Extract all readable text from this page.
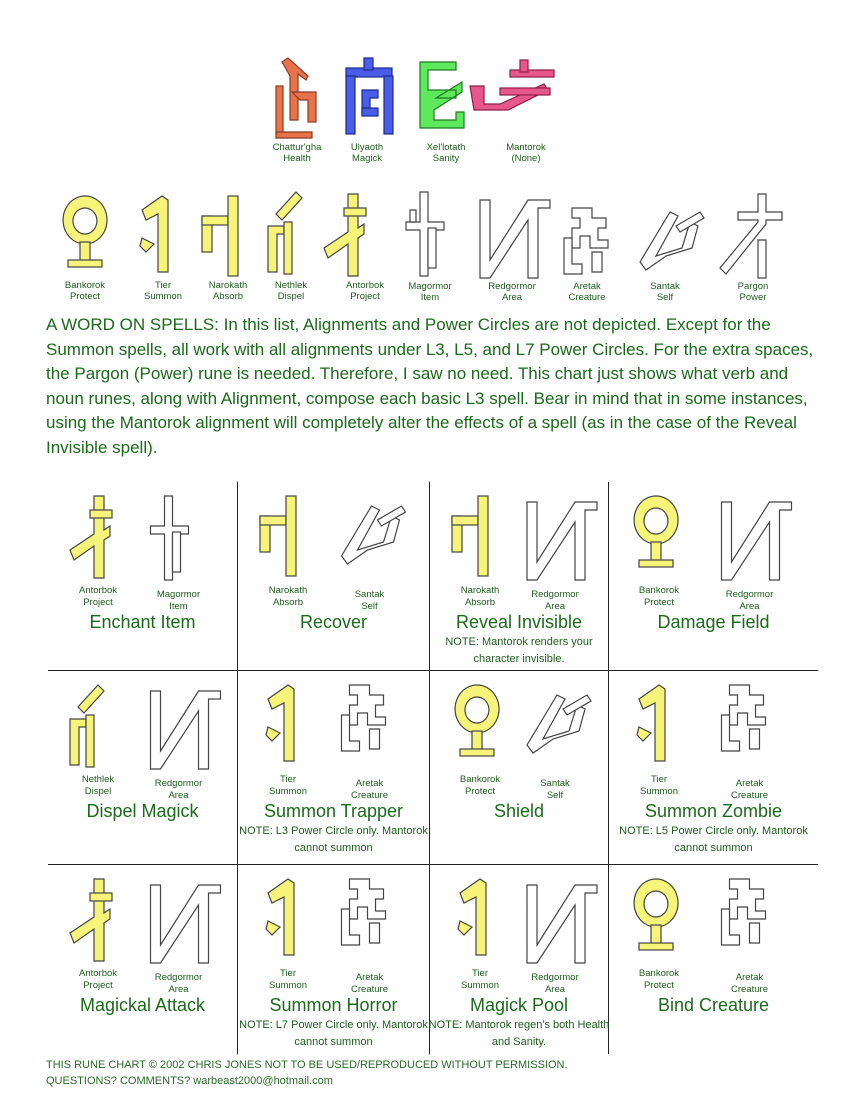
Chattur'gha
Health
Ulyaoth
Magick
Xel'lotath
Sanity
Mantorok
(None)
Bankorok
Protect
Tier
Summon
Narokath
Absorb
Nethlek
Dispel
Antorbok
Project
Magormor
Item
Redgormor
Area
Aretak
Creature
Santak
Self
Pargon
Power
A WORD ON SPELLS: In this list, Alignments and Power Circles are not depicted. Except for the Summon spells, all work with all alignments under L3, L5, and L7 Power Circles. For the extra spaces, the Pargon (Power) rune is needed. Therefore, I saw no need. This chart just shows what verb and noun runes, along with Alignment, compose each basic L3 spell. Bear in mind that in some instances, using the Mantorok alignment will completely alter the effects of a spell (as in the case of the Reveal Invisible spell).
Antorbok
Project
Magormor
Item
Enchant Item
Narokath
Absorb
Santak
Self
Recover
Narokath
Absorb
Redgormor
Area
Reveal Invisible
NOTE: Mantorok renders your character invisible.
Bankorok
Protect
Redgormor
Area
Damage Field
Nethlek
Dispel
Redgormor
Area
Dispel Magick
Tier
Summon
Aretak
Creature
Summon Trapper
NOTE: L3 Power Circle only. Mantorok cannot summon
Bankorok
Protect
Santak
Self
Shield
Tier
Summon
Aretak
Creature
Summon Zombie
NOTE: L5 Power Circle only. Mantorok cannot summon
Antorbok
Project
Redgormor
Area
Magickal Attack
Tier
Summon
Aretak
Creature
Summon Horror
NOTE: L7 Power Circle only. Mantorok cannot summon
Tier
Summon
Redgormor
Area
Magick Pool
NOTE: Mantorok regen's both Health and Sanity.
Bankorok
Protect
Aretak
Creature
Bind Creature
THIS RUNE CHART © 2002 CHRIS JONES NOT TO BE USED/REPRODUCED WITHOUT PERMISSION.
QUESTIONS? COMMENTS? warbeast2000@hotmail.com
